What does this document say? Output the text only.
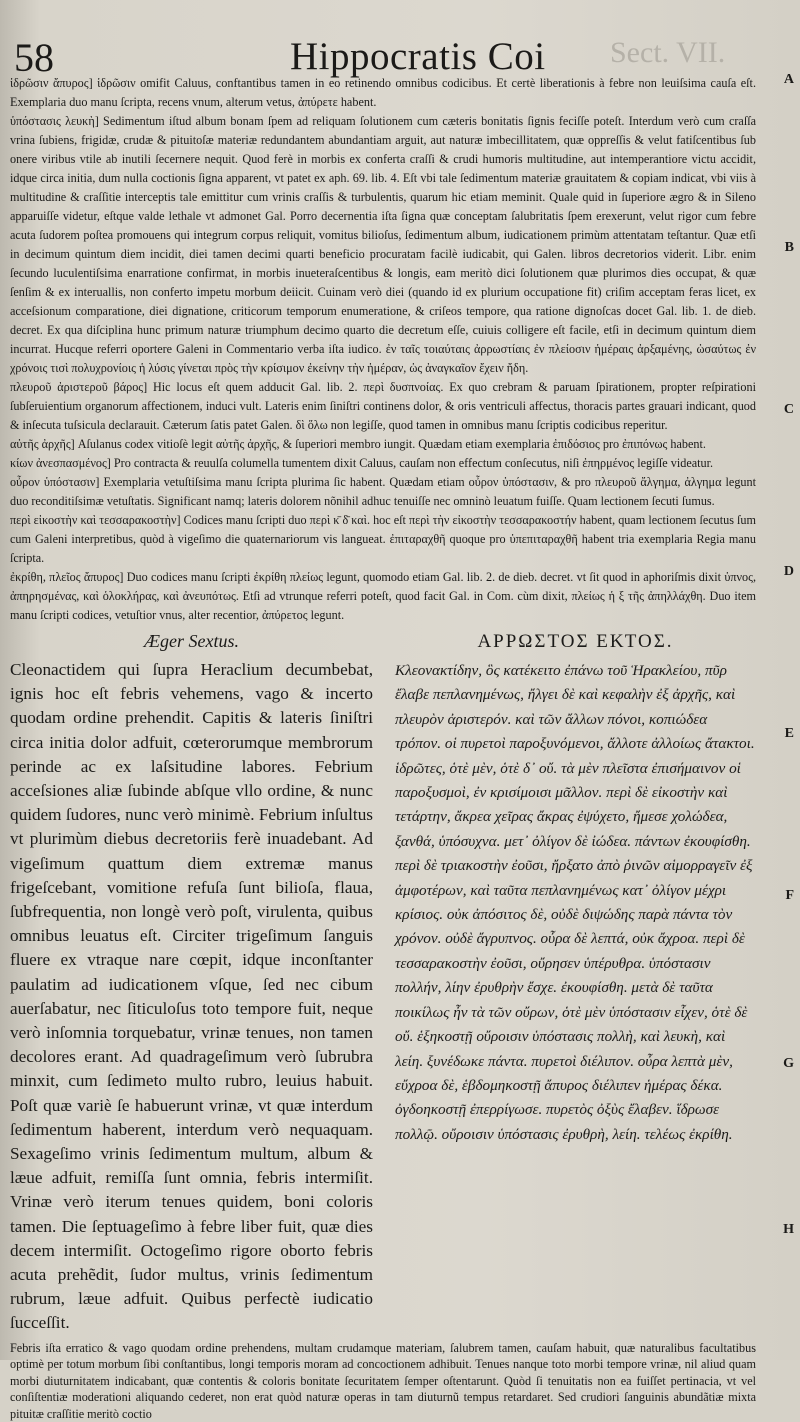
58	Hippocratis Coi Sect. VII.

ἱδρῶσιν ἄπυρος] ἱδρῶσιν omifit Caluus, conftantibus tamen in eo retinendo omnibus codicibus. Et certè liberationis à febre non leuiſsima cauſa eſt. Exemplaria duo manu ſcripta, recens vnum, alterum vetus, ἀπύρετε habent.

ὑπόστασις λευκὴ] Sedimentum iſtud album bonam ſpem ad reliquam ſolutionem cum cæteris bonitatis ſignis feciſſe poteſt. Interdum verò cum craſſa vrina ſubiens, frigidæ, crudæ & pituitoſæ materiæ redundantem abundantiam arguit, aut naturæ imbecillitatem, quæ oppreſſis & velut fatiſcentibus ſub onere viribus vtile ab inutili ſecernere nequit. Quod ferè in morbis ex conferta craſſi & crudi humoris multitudine, aut intemperantiore victu accidit, idque circa initia, dum nulla coctionis ſigna apparent, vt patet ex aph. 69. lib. 4. Eſt vbi tale ſedimentum materiæ grauitatem & copiam indicat, vbi viis à multitudine & craſſitie interceptis tale emittitur cum vrinis craſſis & turbulentis, quarum hic etiam meminit. Quale quid in ſuperiore ægro & in Sileno apparuiſſe videtur, eſtque valde lethale vt admonet Gal. Porro decernentia iſta ſigna quæ conceptam ſalubritatis ſpem erexerunt, velut rigor cum febre acuta ſudorem poſtea promouens qui integrum corpus reliquit, vomitus bilioſus, ſedimentum album, iudicationem primùm attentatam teſtantur. Quæ etſi in decimum quintum diem incidit, diei tamen decimi quarti beneficio procuratam facilè iudicabit, qui Galen. libros decretorios viderit. Libr. enim ſecundo luculentiſsima enarratione confirmat, in morbis inueteraſcentibus & longis, eam meritò dici ſolutionem quæ plurimos dies occupat, & quæ ſenſim & ex interuallis, non conferto impetu morbum deiicit. Cuinam verò diei (quando id ex plurium occupatione fit) criſim acceptam feras licet, ex acceſsionum comparatione, diei dignatione, criticorum temporum enumeratione, & criſeos tempore, qua ratione dignoſcas docet Gal. lib. 1. de dieb. decret. Ex qua diſciplina hunc primum naturæ triumphum decimo quarto die decretum eſſe, cuiuis colligere eſt facile, etſi in decimum quintum diem incurrat. Hucque referri oportere Galeni in Commentario verba iſta iudico. ἐν ταῖς τοιαύταις ἀρρωστίαις ἐν πλείοσιν ἡμέραις ἀρξαμένης, ὡσαύτως ἐν χρόνοις τισὶ πολυχρονίοις ἡ λύσις γίνεται πρὸς τὴν κρίσιμον ἐκείνην τὴν ἡμέραν, ὡς ἀναγκαῖον ἔχειν ἤδη.

πλευροῦ ἀριστεροῦ βάρος] Hic locus eſt quem adducit Gal. lib. 2. περὶ δυσπνοίας. Ex quo crebram & paruam ſpirationem, propter reſpirationi ſubſeruientium organorum affectionem, induci vult. Lateris enim ſiniſtri continens dolor, & oris ventriculi affectus, thoracis partes grauari indicant, quod & inſecuta tuſsicula declarauit. Cæterum ſatis patet Galen. δὶ ὅλω non legiſſe, quod tamen in omnibus manu ſcriptis codicibus reperitur.

αὐτῆς ἀρχῆς] Aſulanus codex vitioſè legit αὐτῆς ἀρχῆς, & ſuperiori membro iungit. Quædam etiam exemplaria ἐπιδόσιος pro ἐπιπόνως habent.

κίων ἀνεσπασμένος] Pro contracta & reuulſa columella tumentem dixit Caluus, cauſam non effectum conſecutus, niſi ἐπηρμένος legiſſe videatur.

οὖρον ὑπόστασιν] Exemplaria vetuſtiſsima manu ſcripta plurima ſic habent. Quædam etiam οὖρον ὑπόστασιν, & pro πλευροῦ ἄλγημα, ἀλγημα legunt duo reconditiſsimæ vetuſtatis. Significant namq; lateris dolorem nõnihil adhuc tenuiſſe nec omninò leuatum fuiſſe. Quam lectionem ſecuti ſumus.

περὶ εἰκοστὴν καὶ τεσσαρακοστὴν] Codices manu ſcripti duo περὶ κ̄ δ̄ καὶ. hoc eſt περὶ τὴν εἰκοστὴν τεσσαρακοστήν habent, quam lectionem ſecutus ſum cum Galeni interpretibus, quòd à vigeſimo die quaternariorum vis langueat. ἐπιταραχθῆ quoque pro ὑπεπιταραχθῆ habent tria exemplaria Regia manu ſcripta.

ἐκρίθη, πλεῖος ἄπυρος] Duo codices manu ſcripti ἐκρίθη πλείως legunt, quomodo etiam Gal. lib. 2. de dieb. decret. vt ſit quod in aphoriſmis dixit ὑπνος, ἀπηρησμένας, καὶ ὁλοκλήρας, καὶ ἀνευπότως. Etſi ad vtrunque referri poteſt, quod facit Gal. in Com. cùm dixit, πλείως ἡ ξ τῆς ἀπηλλάχθη. Duo item manu ſcripti codices, vetuſtior vnus, alter recentior, ἀπύρετος legunt.

Æger Sextus.

Cleonactidem qui ſupra Heraclium decumbebat, ignis hoc eſt febris vehemens, vago & incerto quodam ordine prehendit. Capitis & lateris ſiniſtri circa initia dolor adfuit, cœterorumque membrorum perinde ac ex laſsitudine labores. Febrium acceſsiones aliæ ſubinde abſque vllo ordine, & nunc quidem ſudores, nunc verò minimè. Febrium inſultus vt plurimùm diebus decretoriis ferè inuadebant. Ad vigeſimum quattum diem extremæ manus frigeſcebant, vomitione refuſa ſunt bilioſa, flaua, ſubfrequentia, non longè verò poſt, virulenta, quibus omnibus leuatus eſt. Circiter trigeſimum ſanguis fluere ex vtraque nare cœpit, idque inconſtanter paulatim ad iudicationem vſque, ſed nec cibum auerſabatur, nec ſiticuloſus toto tempore fuit, neque verò inſomnia torquebatur, vrinæ tenues, non tamen decolores erant. Ad quadrageſimum verò ſubrubra minxit, cum ſedimeto multo rubro, leuius habuit. Poſt quæ variè ſe habuerunt vrinæ, vt quæ interdum ſedimentum haberent, interdum verò nequaquam. Sexageſimo vrinis ſedimentum multum, album & læue adfuit, remiſſa ſunt omnia, febris intermiſit. Vrinæ verò iterum tenues quidem, boni coloris tamen. Die ſeptuageſimo à febre liber fuit, quæ dies decem intermiſit. Octogeſimo rigore oborto febris acuta prehẽdit, ſudor multus, vrinis ſedimentum rubrum, læue adfuit. Quibus perfectè iudicatio ſucceſſit.

ΑΡΡΩΣΤΟΣ ΕΚΤΟΣ.

Κλεονακτίδην, ὃς κατέκειτο ἐπάνω τοῦ Ἡρακλείου, πῦρ ἔλαβε πεπλανημένως, ἤλγει δὲ καὶ κεφαλὴν ἐξ ἀρχῆς, καὶ πλευρὸν ἀριστερόν. καὶ τῶν ἄλλων πόνοι, κοπιώδεα τρόπον. οἱ πυρετοὶ παροξυνόμενοι, ἄλλοτε ἀλλοίως ἄτακτοι. ἱδρῶτες, ὁτὲ μὲν, ὁτὲ δ᾽ οὔ. τὰ μὲν πλεῖστα ἐπισήμαινον οἱ παροξυσμοὶ, ἐν κρισίμοισι μᾶλλον. περὶ δὲ εἰκοστὴν καὶ τετάρτην, ἄκρεα χεῖρας ἄκρας ἐψύχετο, ἤμεσε χολώδεα, ξανθά, ὑπόσυχνα. μετ᾽ ὀλίγον δὲ ἰώδεα. πάντων ἐκουφίσθη. περὶ δὲ τριακοστὴν ἐοῦσι, ἤρξατο ἀπὸ ῥινῶν αἱμορραγεῖν ἐξ ἀμφοτέρων, καὶ ταῦτα πεπλανημένως κατ᾽ ὀλίγον μέχρι κρίσιος. οὐκ ἀπόσιτος δὲ, οὐδὲ διψώδης παρὰ πάντα τὸν χρόνον. οὐδὲ ἄγρυπνος. οὖρα δὲ λεπτά, οὐκ ἄχροα. περὶ δὲ τεσσαρακοστὴν ἐοῦσι, οὔρησεν ὑπέρυθρα. ὑπόστασιν πολλήν, λίην ἐρυθρὴν ἔσχε. ἐκουφίσθη. μετὰ δὲ ταῦτα ποικίλως ἦν τὰ τῶν οὔρων, ὁτὲ μὲν ὑπόστασιν εἶχεν, ὁτὲ δὲ οὔ. ἑξηκοστῇ οὔροισιν ὑπόστασις πολλὴ, καὶ λευκὴ, καὶ λείη. ξυνέδωκε πάντα. πυρετοὶ διέλιπον. οὖρα λεπτὰ μὲν, εὔχροα δὲ, ἑβδομηκοστῇ ἄπυρος διέλιπεν ἡμέρας δέκα. ὀγδοηκοστῇ ἐπερρίγωσε. πυρετὸς ὀξὺς ἔλαβεν. ἵδρωσε πολλῷ. οὔροισιν ὑπόστασις ἐρυθρὴ, λείη. τελέως ἐκρίθη.

Febris iſta erratico & vago quodam ordine prehendens, multam crudamque materiam, ſalubrem tamen, cauſam habuit, quæ naturalibus facultatibus optimè per totum morbum ſibi conſtantibus, longi temporis moram ad concoctionem adhibuit. Tenues nanque toto morbi tempore vrinæ, nil aliud quam morbi diuturnitatem indicabant, quæ contentis & coloris bonitate ſecuritatem ſemper oſtentarunt. Quòd ſi tenuitatis non ea fuiſſet pertinacia, vt vel conſiſtentiæ moderationi aliquando cederet, non erat quòd naturæ operas in tam diuturnũ tempus retardaret. Sed crudiori ſanguinis abundãtiæ mixta pituitæ craſſitie meritò coctio
A
B
C
D
E
F
G
H
